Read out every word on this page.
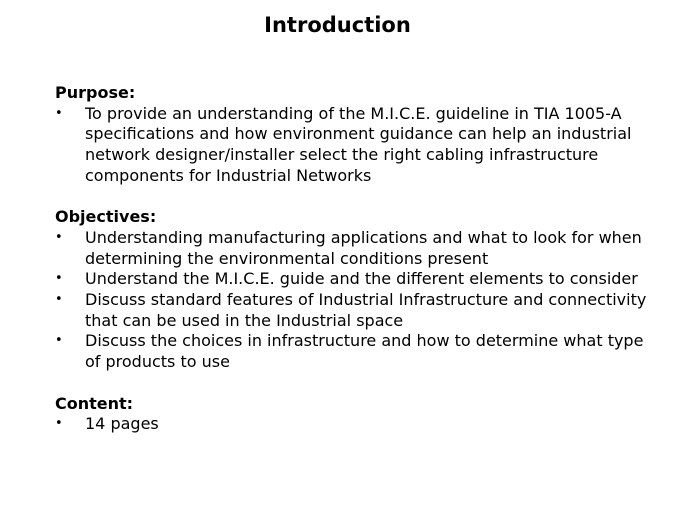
Introduction
Purpose:
•	To provide an understanding of the M.I.C.E. guideline in TIA 1005-A specifications and how environment guidance can help an industrial network designer/installer select the right cabling infrastructure components for Industrial Networks
Objectives:
•	Understanding manufacturing applications and what to look for when determining the environmental conditions present
•	Understand the M.I.C.E. guide and the different elements to consider
•	Discuss standard features of Industrial Infrastructure and connectivity that can be used in the Industrial space
•	Discuss the choices in infrastructure and how to determine what type of products to use
Content:
•	14 pages
